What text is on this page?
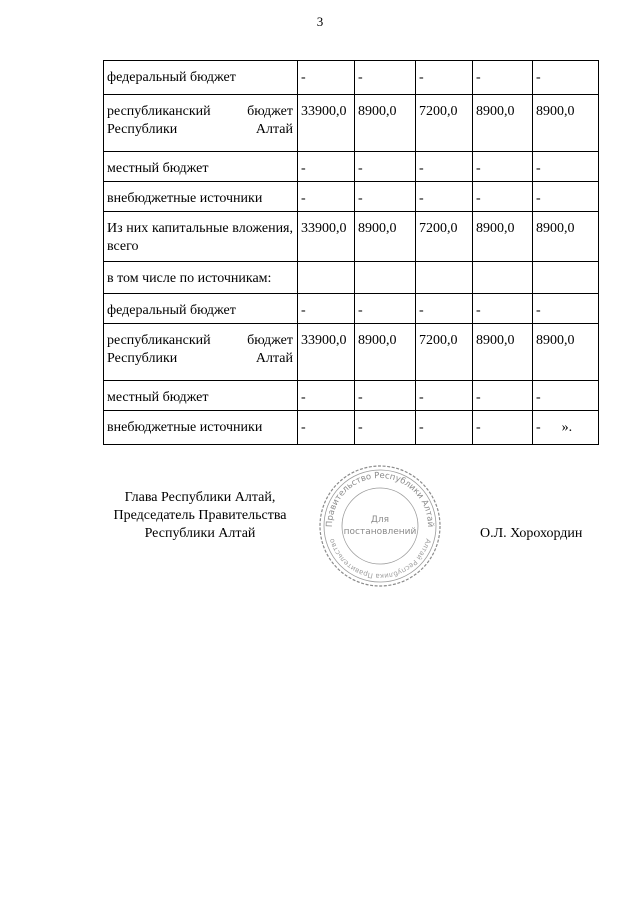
3
федеральный бюджет	-	-	-	-	-
республиканский бюджет Республики Алтай	33900,0	8900,0	7200,0	8900,0	8900,0
местный бюджет	-	-	-	-	-
внебюджетные источники	-	-	-	-	-
Из них капитальные вложения, всего	33900,0	8900,0	7200,0	8900,0	8900,0
в том числе по источникам:					
федеральный бюджет	-	-	-	-	-
республиканский бюджет Республики Алтай	33900,0	8900,0	7200,0	8900,0	8900,0
местный бюджет	-	-	-	-	-
внебюджетные источники	-	-	-	-	-      ».
Глава Республики Алтай,
Председатель Правительства
Республики Алтай
Правительство Республики Алтай
Алтай Республика Правительство
Для
постановлений	О.Л. Хорохордин
